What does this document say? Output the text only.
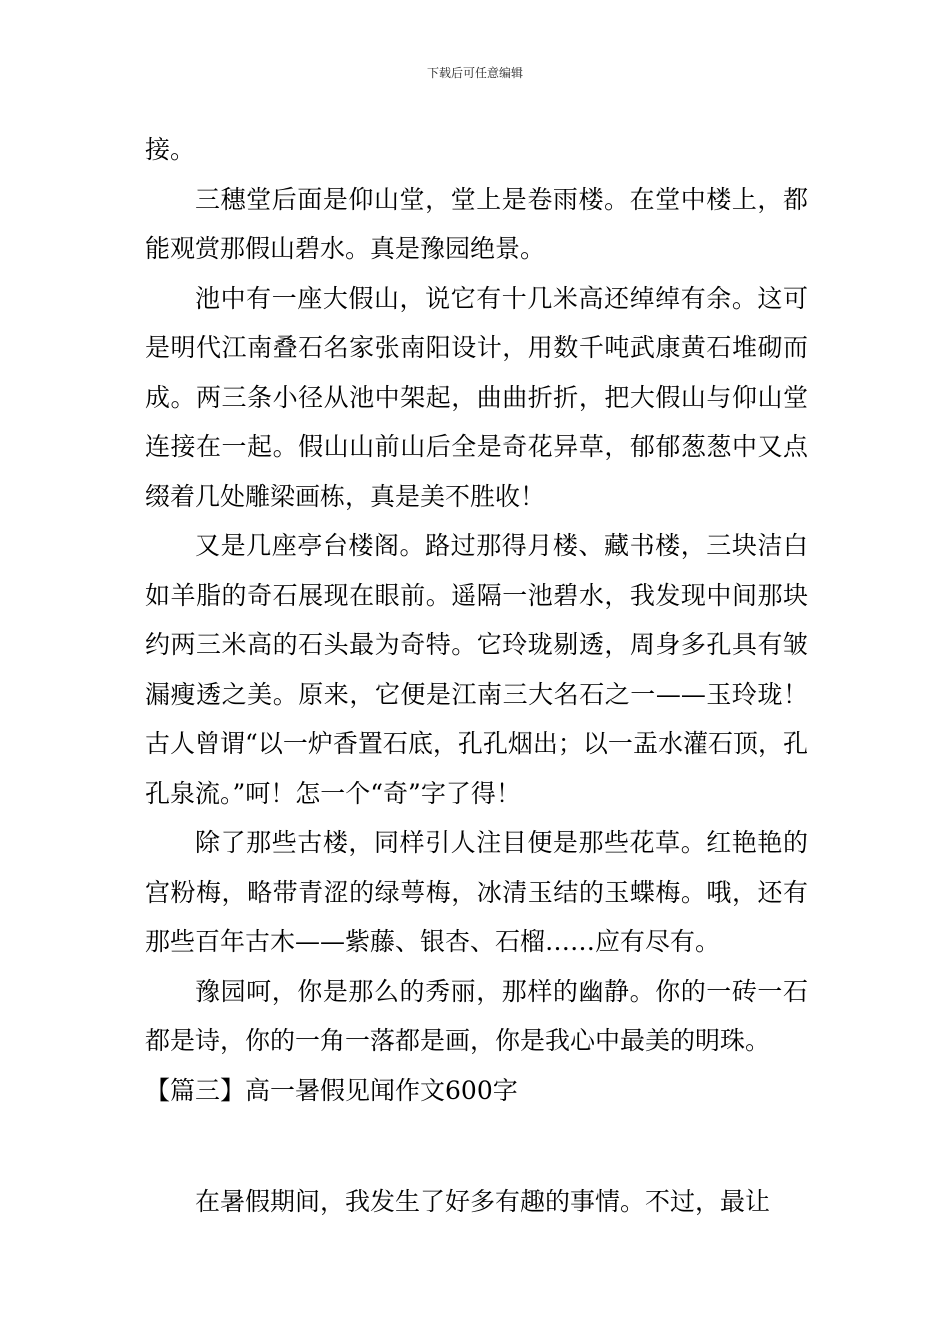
下载后可任意编辑

接。

三穗堂后面是仰山堂，堂上是卷雨楼。在堂中楼上，都能观赏那假山碧水。真是豫园绝景。

池中有一座大假山，说它有十几米高还绰绰有余。这可是明代江南叠石名家张南阳设计，用数千吨武康黄石堆砌而成。两三条小径从池中架起，曲曲折折，把大假山与仰山堂连接在一起。假山山前山后全是奇花异草，郁郁葱葱中又点缀着几处雕梁画栋，真是美不胜收！

又是几座亭台楼阁。路过那得月楼、藏书楼，三块洁白如羊脂的奇石展现在眼前。遥隔一池碧水，我发现中间那块约两三米高的石头最为奇特。它玲珑剔透，周身多孔具有皱漏瘦透之美。原来，它便是江南三大名石之一——玉玲珑！古人曾谓“以一炉香置石底，孔孔烟出；以一盂水灌石顶，孔孔泉流。”呵！怎一个“奇”字了得！

除了那些古楼，同样引人注目便是那些花草。红艳艳的宫粉梅，略带青涩的绿萼梅，冰清玉结的玉蝶梅。哦，还有那些百年古木——紫藤、银杏、石榴……应有尽有。

豫园呵，你是那么的秀丽，那样的幽静。你的一砖一石都是诗，你的一角一落都是画，你是我心中最美的明珠。

【篇三】高一暑假见闻作文600字

在暑假期间，我发生了好多有趣的事情。不过，最让
